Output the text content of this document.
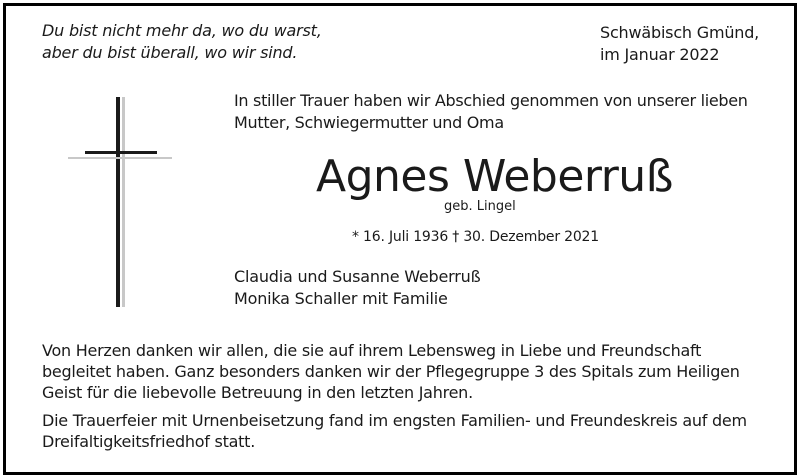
Du bist nicht mehr da, wo du warst,
aber du bist überall, wo wir sind.
Schwäbisch Gmünd,
im Januar 2022
In stiller Trauer haben wir Abschied genommen von unserer lieben
Mutter, Schwiegermutter und Oma
Agnes Weberruß
geb. Lingel
* 16. Juli 1936 † 30. Dezember 2021
Claudia und Susanne Weberruß
Monika Schaller mit Familie
Von Herzen danken wir allen, die sie auf ihrem Lebensweg in Liebe und Freundschaft
begleitet haben. Ganz besonders danken wir der Pflegegruppe 3 des Spitals zum Heiligen
Geist für die liebevolle Betreuung in den letzten Jahren.
Die Trauerfeier mit Urnenbeisetzung fand im engsten Familien- und Freundeskreis auf dem
Dreifaltigkeitsfriedhof statt.
